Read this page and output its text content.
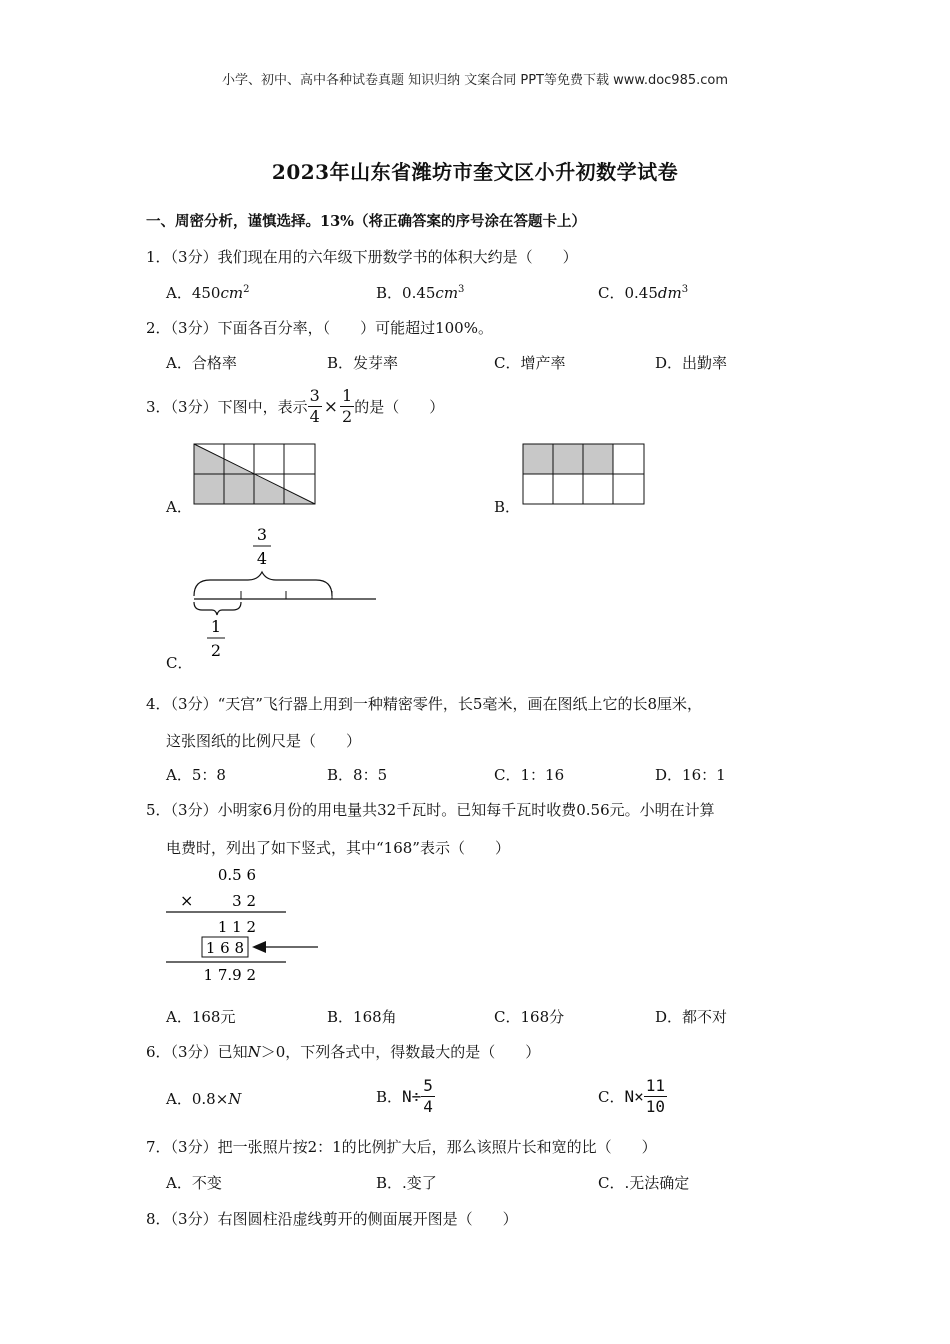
小学、初中、高中各种试卷真题 知识归纳 文案合同 PPT等免费下载 www.doc985.com
2023年山东省潍坊市奎文区小升初数学试卷
一、周密分析，谨慎选择。13%（将正确答案的序号涂在答题卡上）
1．（3分）我们现在用的六年级下册数学书的体积大约是（　　）
A．$450cm^2$	B．$0.45cm^3$	C．$0.45dm^3$
2．（3分）下面各百分率，（　　）可能超过100%。
A．合格率	B．发芽率	C．增产率	D．出勤率
3．（3分）下图中，表示 $\frac{3}{4} \times \frac{1}{2}$ 的是（　　）
A．	B．
C．
3
4
1
2
4．（3分）“天宫”飞行器上用到一种精密零件，长5毫米，画在图纸上它的长8厘米，
这张图纸的比例尺是（　　）
A．5：8	B．8：5	C．1：16	D．16：1
5．（3分）小明家6月份的用电量共32千瓦时。已知每千瓦时收费0.56元。小明在计算
电费时，列出了如下竖式，其中“168”表示（　　）
0.5 6
×	3 2
1 1 2
1 6 8
1 7.9 2
A．168元	B．168角	C．168分	D．都不对
6．（3分）已知N＞0，下列各式中，得数最大的是（　　）
A．0.8×N	B． $N\div \frac{5}{4}$	C． $N\times \frac{11}{10}$
7．（3分）把一张照片按2：1的比例扩大后，那么该照片长和宽的比（　　）
A．不变	B．.变了	C．.无法确定
8．（3分）右图圆柱沿虚线剪开的侧面展开图是（　　）
